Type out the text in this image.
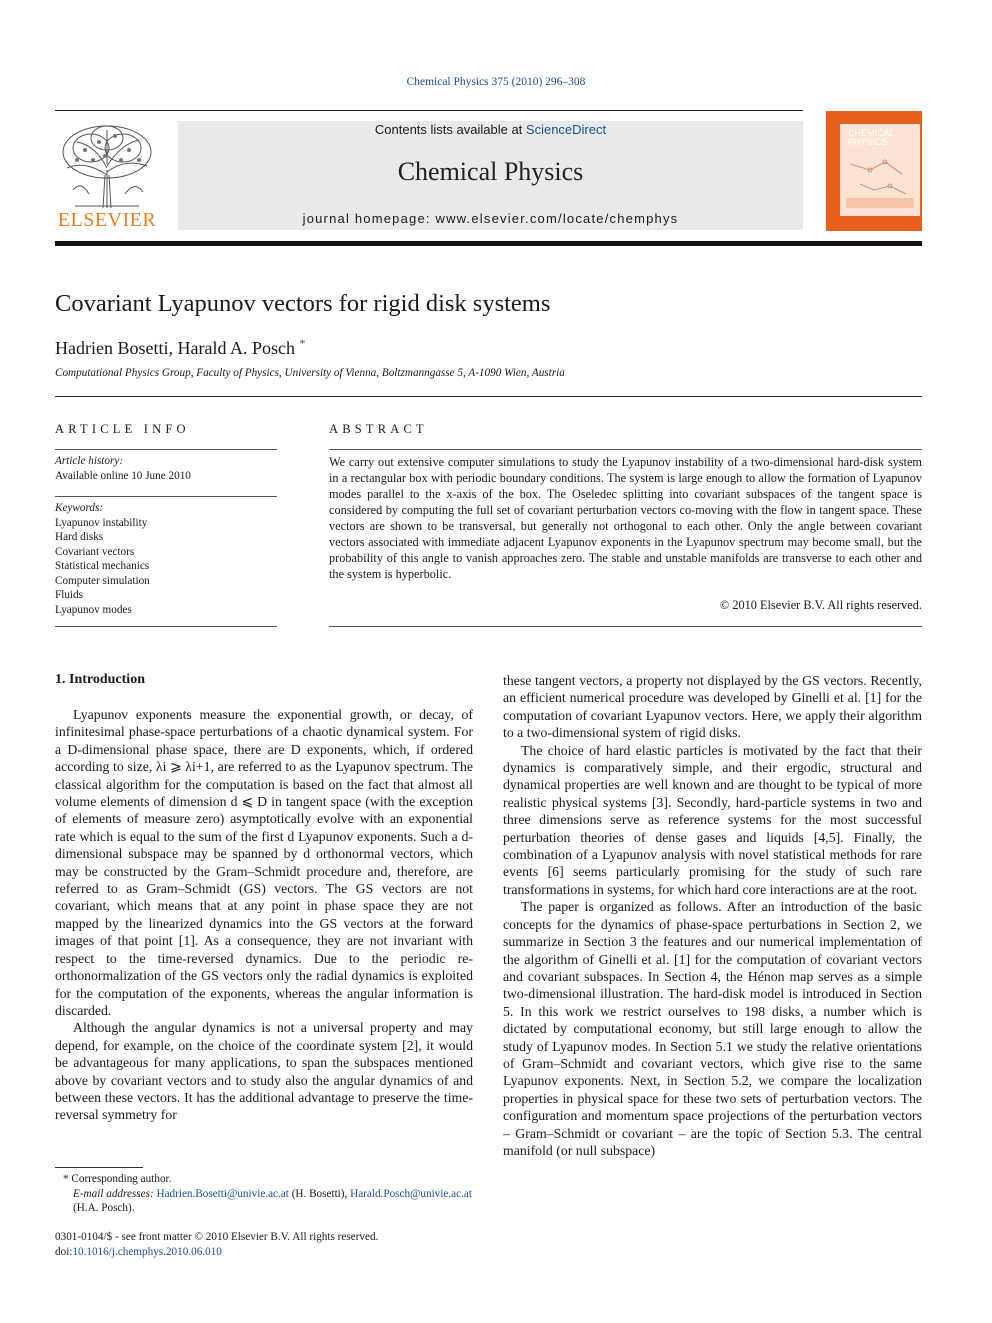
Chemical Physics 375 (2010) 296–308
ELSEVIER
Contents lists available at ScienceDirect
Chemical Physics
journal homepage: www.elsevier.com/locate/chemphys
CHEMICAL
PHYSICS
Covariant Lyapunov vectors for rigid disk systems
Hadrien Bosetti, Harald A. Posch *
Computational Physics Group, Faculty of Physics, University of Vienna, Boltzmanngasse 5, A-1090 Wien, Austria
ARTICLE INFO	ABSTRACT
Article history:
Available online 10 June 2010
Keywords:
Lyapunov instability
Hard disks
Covariant vectors
Statistical mechanics
Computer simulation
Fluids
Lyapunov modes
We carry out extensive computer simulations to study the Lyapunov instability of a two-dimensional hard-disk system in a rectangular box with periodic boundary conditions. The system is large enough to allow the formation of Lyapunov modes parallel to the x-axis of the box. The Oseledec splitting into covariant subspaces of the tangent space is considered by computing the full set of covariant perturbation vectors co-moving with the flow in tangent space. These vectors are shown to be transversal, but generally not orthogonal to each other. Only the angle between covariant vectors associated with immediate adjacent Lyapunov exponents in the Lyapunov spectrum may become small, but the probability of this angle to vanish approaches zero. The stable and unstable manifolds are transverse to each other and the system is hyperbolic.
© 2010 Elsevier B.V. All rights reserved.
1. Introduction

Lyapunov exponents measure the exponential growth, or decay, of infinitesimal phase-space perturbations of a chaotic dynamical system. For a D-dimensional phase space, there are D exponents, which, if ordered according to size, λi ⩾ λi+1, are referred to as the Lyapunov spectrum. The classical algorithm for the computation is based on the fact that almost all volume elements of dimension d ⩽ D in tangent space (with the exception of elements of measure zero) asymptotically evolve with an exponential rate which is equal to the sum of the first d Lyapunov exponents. Such a d-dimensional subspace may be spanned by d orthonormal vectors, which may be constructed by the Gram–Schmidt procedure and, therefore, are referred to as Gram–Schmidt (GS) vectors. The GS vectors are not covariant, which means that at any point in phase space they are not mapped by the linearized dynamics into the GS vectors at the forward images of that point [1]. As a consequence, they are not invariant with respect to the time-reversed dynamics. Due to the periodic re-orthonormalization of the GS vectors only the radial dynamics is exploited for the computation of the exponents, whereas the angular information is discarded.

Although the angular dynamics is not a universal property and may depend, for example, on the choice of the coordinate system [2], it would be advantageous for many applications, to span the subspaces mentioned above by covariant vectors and to study also the angular dynamics of and between these vectors. It has the additional advantage to preserve the time-reversal symmetry for

these tangent vectors, a property not displayed by the GS vectors. Recently, an efficient numerical procedure was developed by Ginelli et al. [1] for the computation of covariant Lyapunov vectors. Here, we apply their algorithm to a two-dimensional system of rigid disks.

The choice of hard elastic particles is motivated by the fact that their dynamics is comparatively simple, and their ergodic, structural and dynamical properties are well known and are thought to be typical of more realistic physical systems [3]. Secondly, hard-particle systems in two and three dimensions serve as reference systems for the most successful perturbation theories of dense gases and liquids [4,5]. Finally, the combination of a Lyapunov analysis with novel statistical methods for rare events [6] seems particularly promising for the study of such rare transformations in systems, for which hard core interactions are at the root.

The paper is organized as follows. After an introduction of the basic concepts for the dynamics of phase-space perturbations in Section 2, we summarize in Section 3 the features and our numerical implementation of the algorithm of Ginelli et al. [1] for the computation of covariant vectors and covariant subspaces. In Section 4, the Hénon map serves as a simple two-dimensional illustration. The hard-disk model is introduced in Section 5. In this work we restrict ourselves to 198 disks, a number which is dictated by computational economy, but still large enough to allow the study of Lyapunov modes. In Section 5.1 we study the relative orientations of Gram–Schmidt and covariant vectors, which give rise to the same Lyapunov exponents. Next, in Section 5.2, we compare the localization properties in physical space for these two sets of perturbation vectors. The configuration and momentum space projections of the perturbation vectors – Gram–Schmidt or covariant – are the topic of Section 5.3. The central manifold (or null subspace)

* Corresponding author.
E-mail addresses: Hadrien.Bosetti@univie.ac.at (H. Bosetti), Harald.Posch@univie.ac.at (H.A. Posch).
0301-0104/$ - see front matter © 2010 Elsevier B.V. All rights reserved.
doi:10.1016/j.chemphys.2010.06.010
